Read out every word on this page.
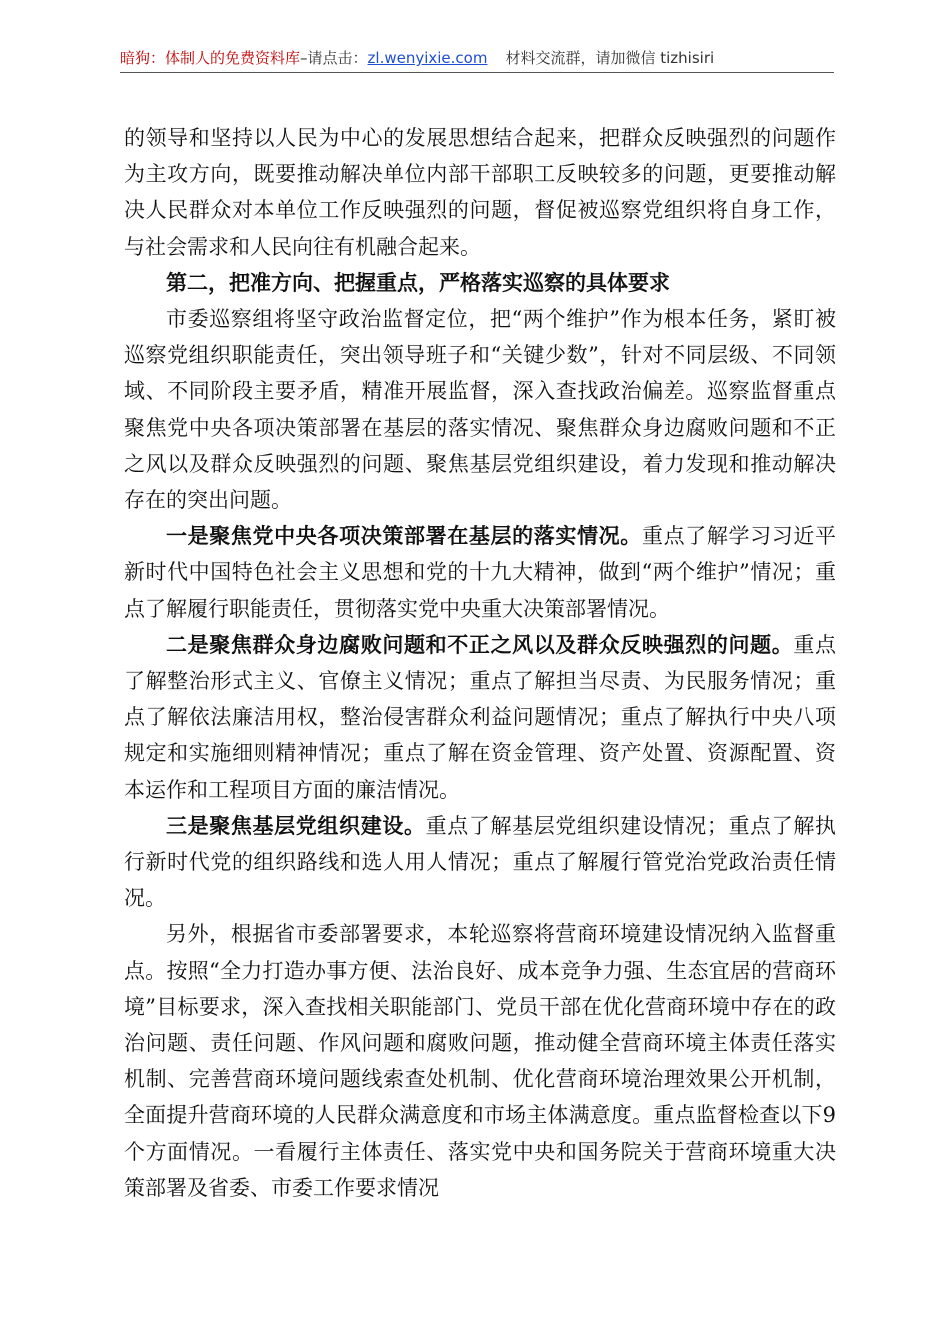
暗狗：体制人的免费资料库–请点击：zl.wenyixie.com 材料交流群，请加微信 tizhisiri

的领导和坚持以人民为中心的发展思想结合起来，把群众反映强烈的问题作为主攻方向，既要推动解决单位内部干部职工反映较多的问题，更要推动解决人民群众对本单位工作反映强烈的问题，督促被巡察党组织将自身工作，与社会需求和人民向往有机融合起来。

第二，把准方向、把握重点，严格落实巡察的具体要求

市委巡察组将坚守政治监督定位，把“两个维护”作为根本任务，紧盯被巡察党组织职能责任，突出领导班子和“关键少数”，针对不同层级、不同领域、不同阶段主要矛盾，精准开展监督，深入查找政治偏差。巡察监督重点聚焦党中央各项决策部署在基层的落实情况、聚焦群众身边腐败问题和不正之风以及群众反映强烈的问题、聚焦基层党组织建设，着力发现和推动解决存在的突出问题。

一是聚焦党中央各项决策部署在基层的落实情况。重点了解学习习近平新时代中国特色社会主义思想和党的十九大精神，做到“两个维护”情况；重点了解履行职能责任，贯彻落实党中央重大决策部署情况。

二是聚焦群众身边腐败问题和不正之风以及群众反映强烈的问题。重点了解整治形式主义、官僚主义情况；重点了解担当尽责、为民服务情况；重点了解依法廉洁用权，整治侵害群众利益问题情况；重点了解执行中央八项规定和实施细则精神情况；重点了解在资金管理、资产处置、资源配置、资本运作和工程项目方面的廉洁情况。

三是聚焦基层党组织建设。重点了解基层党组织建设情况；重点了解执行新时代党的组织路线和选人用人情况；重点了解履行管党治党政治责任情况。

另外，根据省市委部署要求，本轮巡察将营商环境建设情况纳入监督重点。按照“全力打造办事方便、法治良好、成本竞争力强、生态宜居的营商环境”目标要求，深入查找相关职能部门、党员干部在优化营商环境中存在的政治问题、责任问题、作风问题和腐败问题，推动健全营商环境主体责任落实机制、完善营商环境问题线索查处机制、优化营商环境治理效果公开机制，全面提升营商环境的人民群众满意度和市场主体满意度。重点监督检查以下9个方面情况。一看履行主体责任、落实党中央和国务院关于营商环境重大决策部署及省委、市委工作要求情况
